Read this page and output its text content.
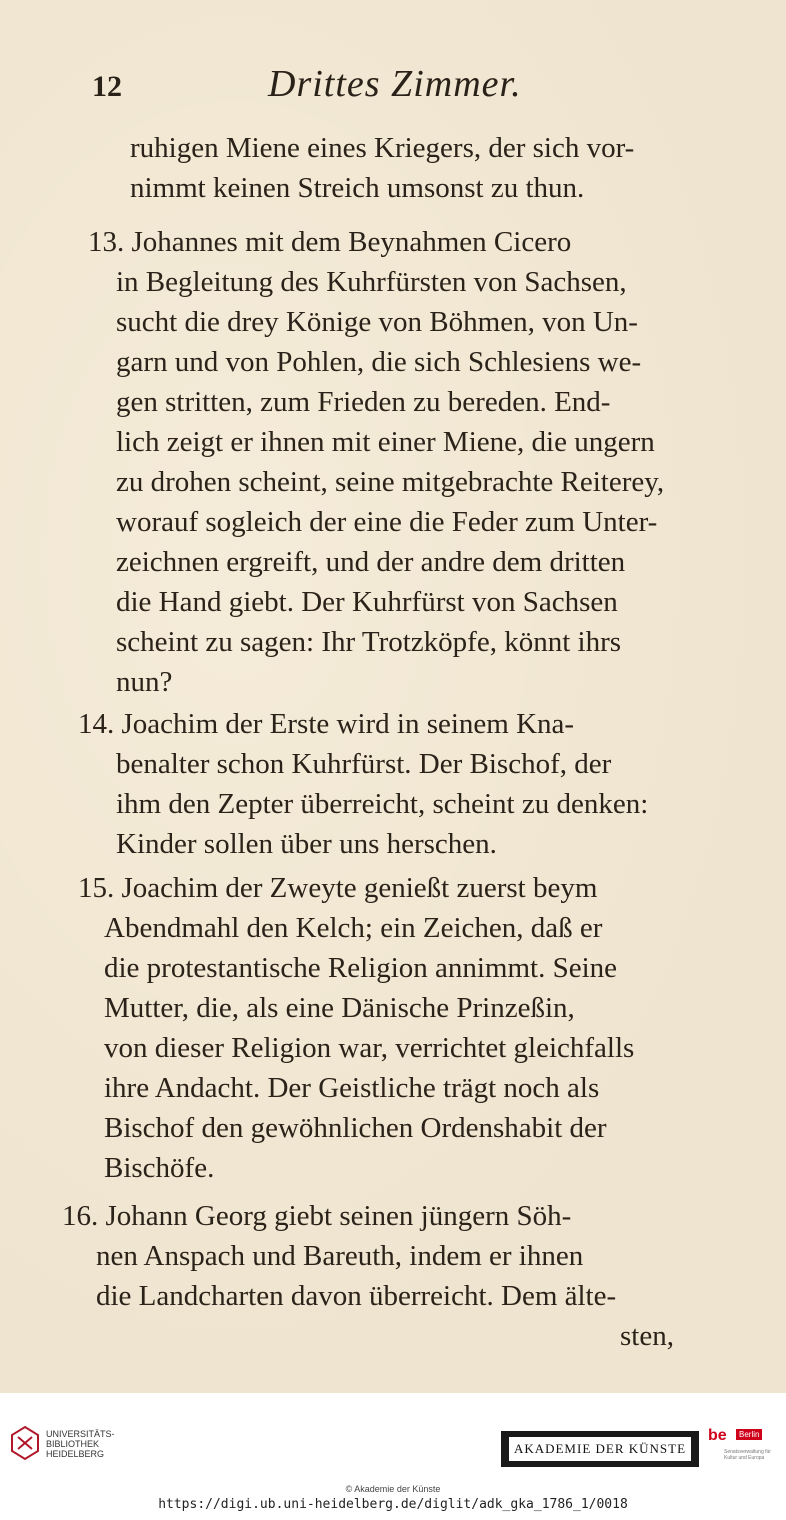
12	Drittes Zimmer.
ruhigen Miene eines Kriegers, der sich vor-
nimmt keinen Streich umsonst zu thun.
13. Johannes mit dem Beynahmen Cicero
in Begleitung des Kuhrfürsten von Sachsen,
sucht die drey Könige von Böhmen, von Un-
garn und von Pohlen, die sich Schlesiens we-
gen stritten, zum Frieden zu bereden. End-
lich zeigt er ihnen mit einer Miene, die ungern
zu drohen scheint, seine mitgebrachte Reiterey,
worauf sogleich der eine die Feder zum Unter-
zeichnen ergreift, und der andre dem dritten
die Hand giebt. Der Kuhrfürst von Sachsen
scheint zu sagen: Ihr Trotzköpfe, könnt ihrs
nun?
14. Joachim der Erste wird in seinem Kna-
benalter schon Kuhrfürst. Der Bischof, der
ihm den Zepter überreicht, scheint zu denken:
Kinder sollen über uns herschen.
15. Joachim der Zweyte genießt zuerst beym
Abendmahl den Kelch; ein Zeichen, daß er
die protestantische Religion annimmt. Seine
Mutter, die, als eine Dänische Prinzeßin,
von dieser Religion war, verrichtet gleichfalls
ihre Andacht. Der Geistliche trägt noch als
Bischof den gewöhnlichen Ordenshabit der
Bischöfe.
16. Johann Georg giebt seinen jüngern Söh-
nen Anspach und Bareuth, indem er ihnen
die Landcharten davon überreicht. Dem älte-
sten,
UNIVERSITÄTS-
BIBLIOTHEK
HEIDELBERG	AKADEMIE DER KÜNSTE
be	Berlin
Senatsverwaltung für Kultur und Europa
© Akademie der Künste
https://digi.ub.uni-heidelberg.de/diglit/adk_gka_1786_1/0018
